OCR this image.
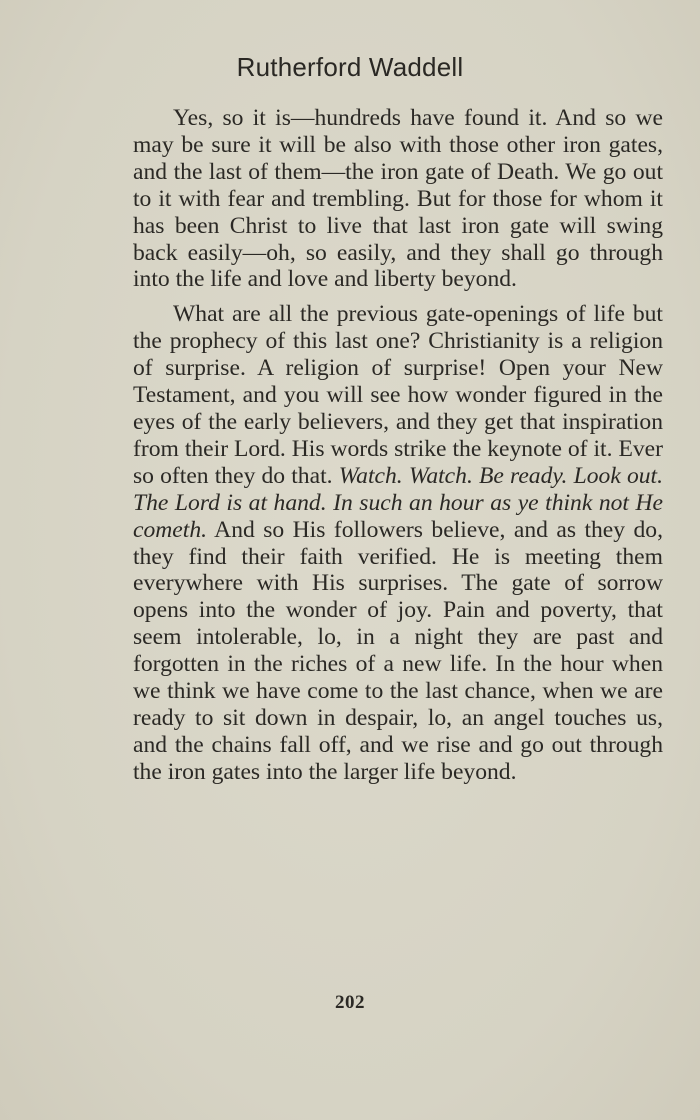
Rutherford Waddell

Yes, so it is—hundreds have found it. And so we may be sure it will be also with those other iron gates, and the last of them—the iron gate of Death. We go out to it with fear and trembling. But for those for whom it has been Christ to live that last iron gate will swing back easily—oh, so easily, and they shall go through into the life and love and liberty beyond.

What are all the previous gate-openings of life but the prophecy of this last one? Christianity is a religion of surprise. A religion of surprise! Open your New Testament, and you will see how wonder figured in the eyes of the early believers, and they get that inspiration from their Lord. His words strike the keynote of it. Ever so often they do that. Watch. Watch. Be ready. Look out. The Lord is at hand. In such an hour as ye think not He cometh. And so His followers believe, and as they do, they find their faith verified. He is meeting them everywhere with His surprises. The gate of sorrow opens into the wonder of joy. Pain and poverty, that seem intolerable, lo, in a night they are past and forgotten in the riches of a new life. In the hour when we think we have come to the last chance, when we are ready to sit down in despair, lo, an angel touches us, and the chains fall off, and we rise and go out through the iron gates into the larger life beyond.

202
